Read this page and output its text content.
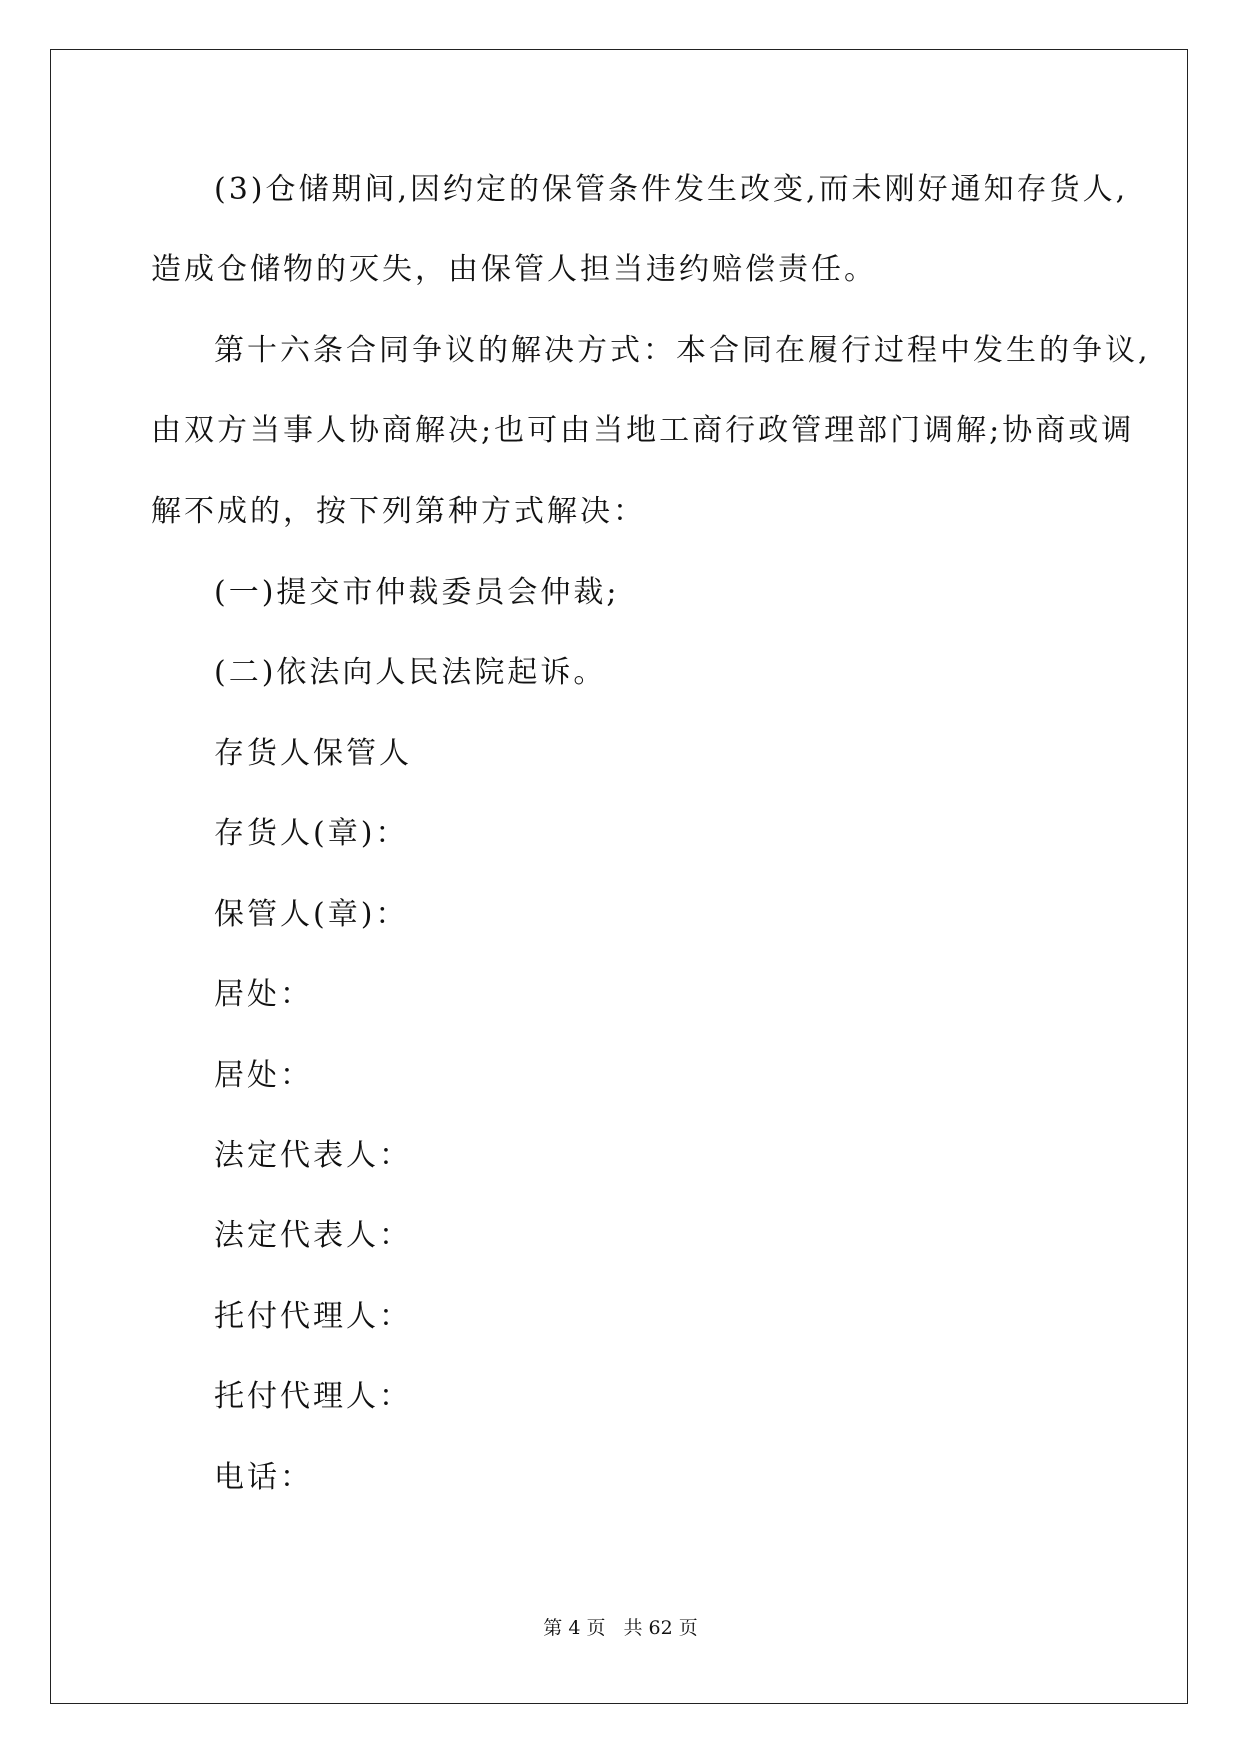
(3)仓储期间,因约定的保管条件发生改变,而未刚好通知存货人,
造成仓储物的灭失，由保管人担当违约赔偿责任。
第十六条合同争议的解决方式：本合同在履行过程中发生的争议,
由双方当事人协商解决;也可由当地工商行政管理部门调解;协商或调
解不成的，按下列第种方式解决：
(一)提交市仲裁委员会仲裁;
(二)依法向人民法院起诉。
存货人保管人
存货人(章)：
保管人(章)：
居处：
居处：
法定代表人：
法定代表人：
托付代理人：
托付代理人：
电话：
第 4 页 共 62 页
